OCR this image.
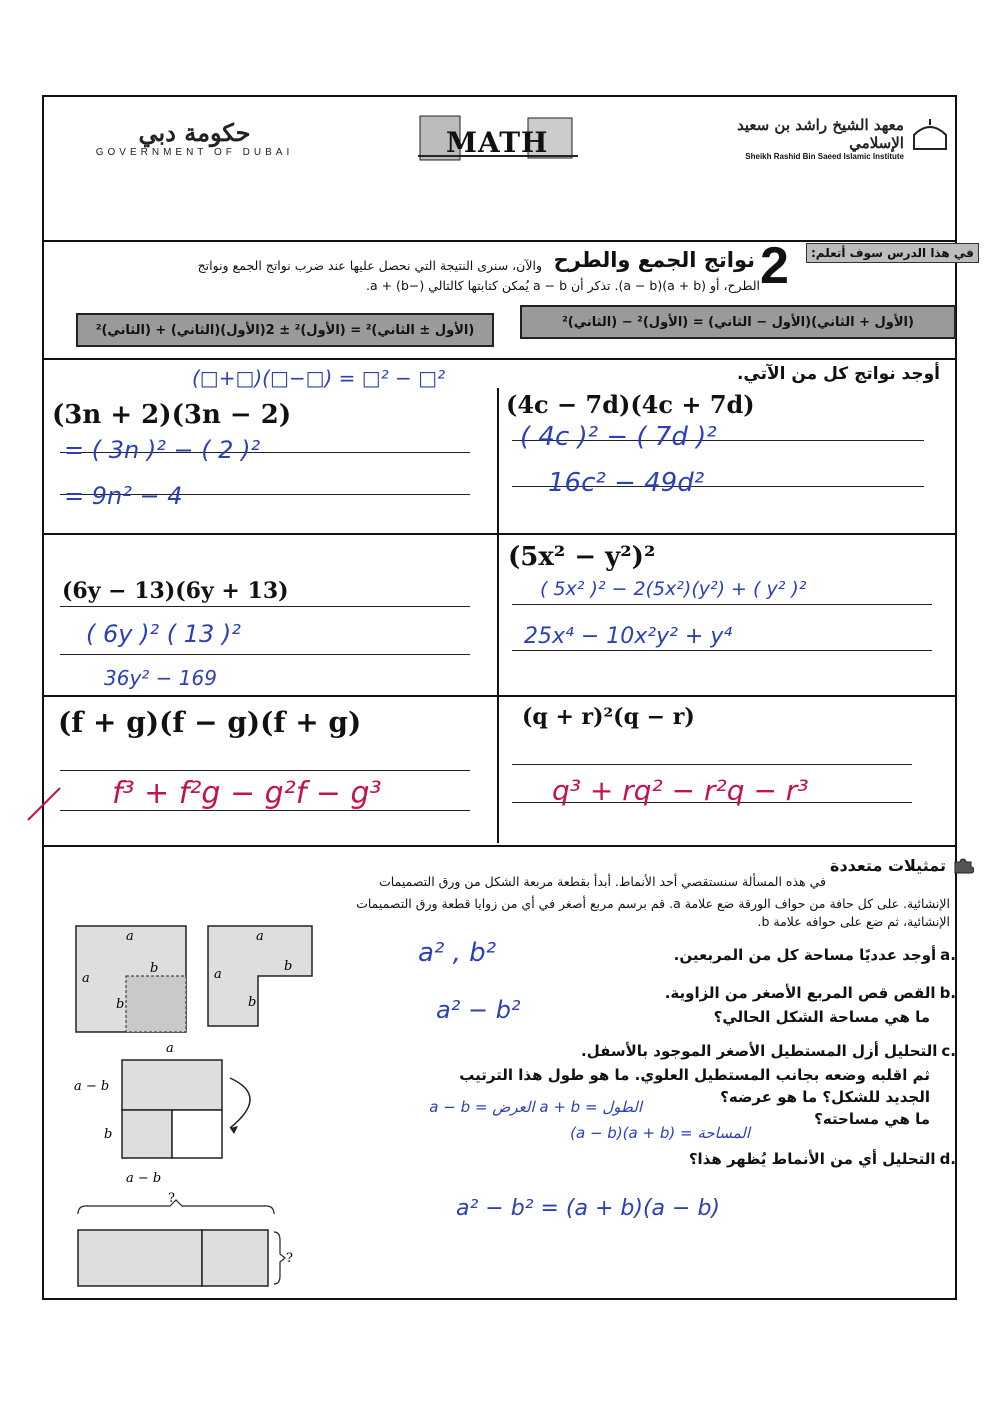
حكومة دبي
GOVERNMENT OF DUBAI	MATH
معهد الشيخ راشد بن سعيد الإسلامي
Sheikh Rashid Bin Saeed Islamic Institute
في هذا الدرس سوف أتعلم:
2
نواتج الجمع والطرح
والآن، سنرى النتيجة التي نحصل عليها عند ضرب نواتج الجمع ونواتج
الطرح، أو (a + b)(a − b). تذكر أن a − b يُمكن كتابتها كالتالي (−b) + a.
(الأول + الثاني)(الأول − الثاني) = (الأول)² − (الثاني)²
(الأول ± الثاني)² = (الأول)² ± 2(الأول)(الثاني) + (الثاني)²
أوجد نواتج كل من الآتي.
(□+□)(□−□) = □² − □²
(3n + 2)(3n − 2)
= ( 3n )² − ( 2 )²
= 9n² − 4
(4c − 7d)(4c + 7d)
( 4c )² − ( 7d )²
16c² − 49d²
(6y − 13)(6y + 13)
( 6y )² ( 13 )²
36y² − 169
(5x² − y²)²
( 5x² )² − 2(5x²)(y²) + ( y² )²
25x⁴ − 10x²y² + y⁴
(f + g)(f − g)(f + g)
f³ + f²g − g²f − g³
(q + r)²(q − r)
q³ + rq² − r²q − r³
تمثيلات متعددة
في هذه المسألة سنستقصي أحد الأنماط. أبدأ بقطعة مربعة الشكل من ورق التصميمات
الإنشائية. على كل حافة من حواف الورقة ضع علامة a. قم برسم مربع أصغر في أي من زوايا قطعة ورق التصميمات
الإنشائية، ثم ضع على حوافه علامة b.
a
a
b
b
a
a
b
b
a
a − b
b
a − b
?
?
a.
أوجد عدديًا مساحة كل من المربعين.
a² , b²
b.
القص قص المربع الأصغر من الزاوية.
ما هي مساحة الشكل الحالي؟
a² − b²
c.
التحليل أزل المستطيل الأصغر الموجود بالأسفل.
ثم اقلبه وضعه بجانب المستطيل العلوي. ما هو طول هذا الترتيب
الجديد للشكل؟ ما هو عرضه؟
ما هي مساحته؟
الطول = a + b العرض = a − b
المساحة = (a + b)(a − b)
d.
التحليل أي من الأنماط يُظهر هذا؟
a² − b² = (a + b)(a − b)
